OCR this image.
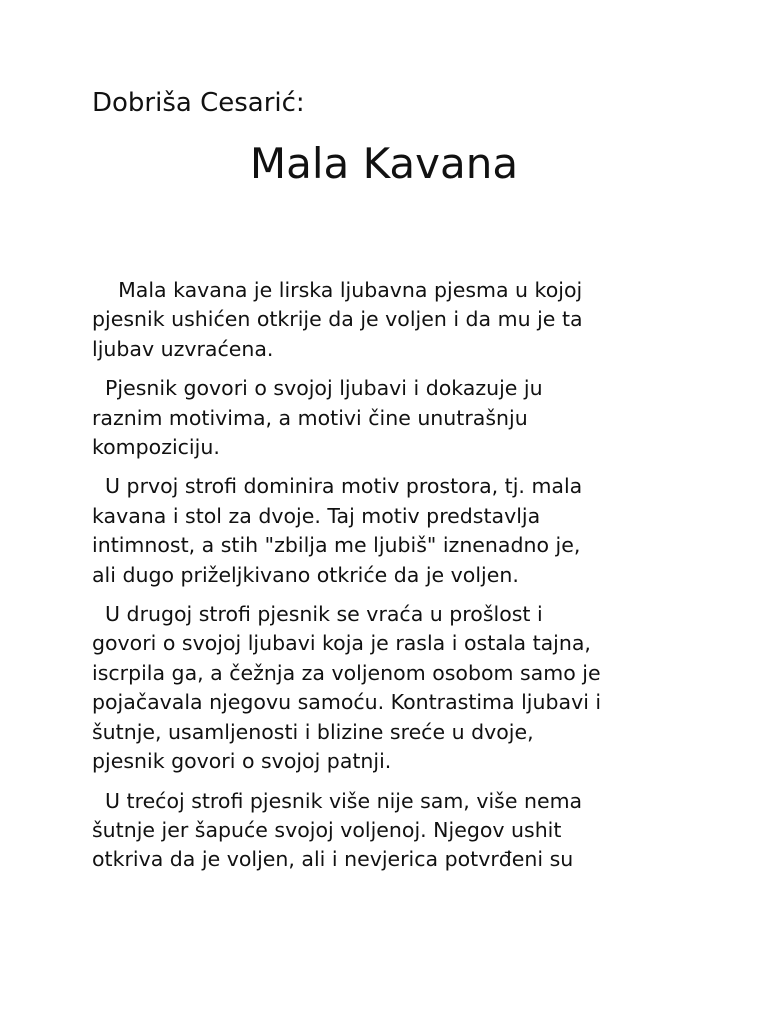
Dobriša Cesarić:
Mala Kavana

Mala kavana je lirska ljubavna pjesma u kojoj
pjesnik ushićen otkrije da je voljen i da mu je ta
ljubav uzvraćena.

Pjesnik govori o svojoj ljubavi i dokazuje ju
raznim motivima, a motivi čine unutrašnju
kompoziciju.

U prvoj strofi dominira motiv prostora, tj. mala
kavana i stol za dvoje. Taj motiv predstavlja
intimnost, a stih "zbilja me ljubiš" iznenadno je,
ali dugo priželjkivano otkriće da je voljen.

U drugoj strofi pjesnik se vraća u prošlost i
govori o svojoj ljubavi koja je rasla i ostala tajna,
iscrpila ga, a čežnja za voljenom osobom samo je
pojačavala njegovu samoću. Kontrastima ljubavi i
šutnje, usamljenosti i blizine sreće u dvoje,
pjesnik govori o svojoj patnji.

U trećoj strofi pjesnik više nije sam, više nema
šutnje jer šapuće svojoj voljenoj. Njegov ushit
otkriva da je voljen, ali i nevjerica potvrđeni su
